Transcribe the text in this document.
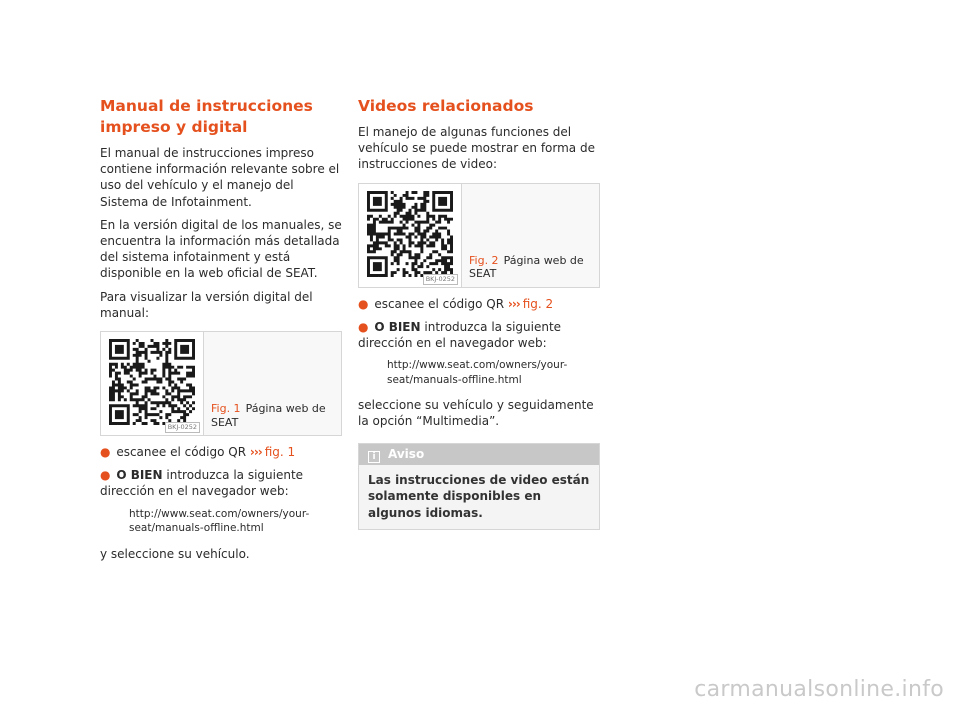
Manual de instrucciones impreso y digital

El manual de instrucciones impreso contiene información relevante sobre el uso del vehículo y el manejo del Sistema de Infotainment.

En la versión digital de los manuales, se encuentra la información más detallada del sistema infotainment y está disponible en la web oficial de SEAT.

Para visualizar la versión digital del manual:

BKJ-0252
Fig. 1 Página web de SEAT
● escanee el código QR ››› fig. 1
● O BIEN introduzca la siguiente dirección en el navegador web:
http://www.seat.com/owners/your-seat/manuals-offline.html

y seleccione su vehículo.

Videos relacionados

El manejo de algunas funciones del vehículo se puede mostrar en forma de instrucciones de video:

BKJ-0252
Fig. 2 Página web de SEAT
● escanee el código QR ››› fig. 2
● O BIEN introduzca la siguiente dirección en el navegador web:
http://www.seat.com/owners/your-seat/manuals-offline.html

seleccione su vehículo y seguidamente la opción “Multimedia”.

i Aviso
Las instrucciones de video están solamente disponibles en algunos idiomas.
carmanualsonline.info
